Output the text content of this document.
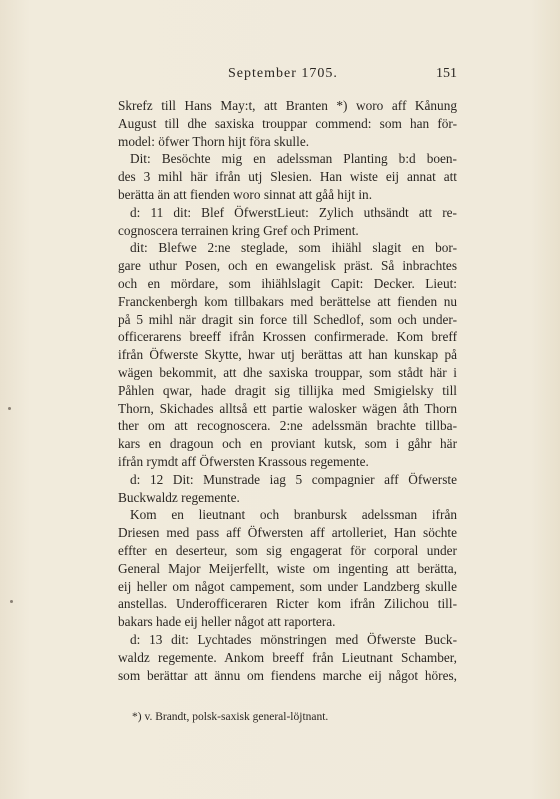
September 1705.	151
Skrefz till Hans May:t, att Branten *) woro aff Kånung
August till dhe saxiska trouppar commend: som han för-
model: öfwer Thorn hijt föra skulle.
Dit: Besöchte mig en adelssman Planting b:d boen-
des 3 mihl här ifrån utj Slesien. Han wiste eij annat att
berätta än att fienden woro sinnat att gåå hijt in.
d: 11 dit: Blef ÖfwerstLieut: Zylich uthsändt att re-
cognoscera terrainen kring Gref och Priment.
dit: Blefwe 2:ne steglade, som ihiähl slagit en bor-
gare uthur Posen, och en ewangelisk präst. Så inbrachtes
och en mördare, som ihiählslagit Capit: Decker. Lieut:
Franckenbergh kom tillbakars med berättelse att fienden nu
på 5 mihl när dragit sin force till Schedlof, som och under-
officerarens breeff ifrån Krossen confirmerade. Kom breff
ifrån Öfwerste Skytte, hwar utj berättas att han kunskap på
wägen bekommit, att dhe saxiska trouppar, som stådt här i
Påhlen qwar, hade dragit sig tillijka med Smigielsky till
Thorn, Skichades alltså ett partie walosker wägen åth Thorn
ther om att recognoscera. 2:ne adelssmän brachte tillba-
kars en dragoun och en proviant kutsk, som i gåhr här
ifrån rymdt aff Öfwersten Krassous regemente.
d: 12 Dit: Munstrade iag 5 compagnier aff Öfwerste
Buckwaldz regemente.
Kom en lieutnant och branbursk adelssman ifrån
Driesen med pass aff Öfwersten aff artolleriet, Han söchte
effter en deserteur, som sig engagerat för corporal under
General Major Meijerfellt, wiste om ingenting att berätta,
eij heller om något campement, som under Landzberg skulle
anstellas. Underofficeraren Ricter kom ifrån Zilichou till-
bakars hade eij heller något att raportera.
d: 13 dit: Lychtades mönstringen med Öfwerste Buck-
waldz regemente. Ankom breeff från Lieutnant Schamber,
som berättar att ännu om fiendens marche eij något höres,
*) v. Brandt, polsk-saxisk general-löjtnant.
